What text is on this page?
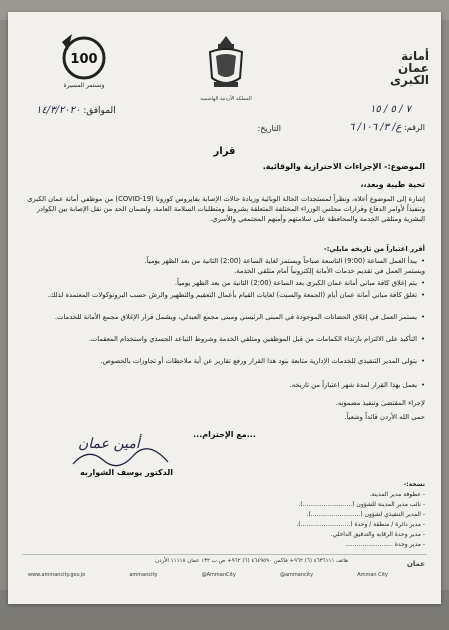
100
وتستمر المسيرة
المملكة الأردنية الهاشمية
أمانة
عمان
الكبرى
٧ / ٥ / ١٥
الرقم: ع/ ٣/ ١٠٦/ ٦
التاريخ:
الموافق: ١٤/٣/٢٠٢٠
قرار
الموضوع:- الإجراءات الاحترازية والوقائية.
تحية طيبة وبعد،،
إشارة إلى الموضوع أعلاه، ونظراً لمستجدات الحالة الوبائية وزيادة حالات الإصابة بفايروس كورونا (COVID-19) من موظفي أمانة عمان الكبرى وتنفيذاً لأوامر الدفاع وقرارات مجلس الوزراء المختلفة المتعلقة بشروط ومتطلبات السلامة العامة، ولضمان الحد من نقل الإصابة بين الكوادر البشرية ومتلقي الخدمة والمحافظة على سلامتهم وأمنهم المجتمعي والأسري.
أقرر اعتباراً من تاريخه مايلي:-
• يبدأ العمل الساعة (9:00) التاسعة صباحاً ويستمر لغاية الساعة (2:00) الثانية من بعد الظهر يومياً.
ويستمر العمل في تقديم خدمات الأمانة إلكترونياً أمام متلقي الخدمة.
• يتم إغلاق كافة مباني أمانة عمان الكبرى بعد الساعة (2:00) الثانية من بعد الظهر يومياً.
• تغلق كافة مباني أمانة عمان أيام (الجمعة والسبت) لغايات القيام بأعمال التعقيم والتطهير والرش حسب البروتوكولات المعتمدة لذلك.
• يستمر العمل في إغلاق الحضانات الموجودة في المبنى الرئيسي ومبنى مجمع العبدلي، ويشمل قرار الإغلاق مجمع الأمانة للخدمات.
• التأكيد على الالتزام بارتداء الكمامات من قبل الموظفين ومتلقي الخدمة وشروط التباعد الجسدي واستخدام المعقمات.
• يتولى المدير التنفيذي للخدمات الإدارية متابعة بنود هذا القرار ورفع تقارير عن أية ملاحظات أو تجاوزات بالخصوص.
• يعمل بهذا القرار لمدة شهر اعتباراً من تاريخه.
لإجراء المقتضى وتنفيذ مضمونه.
حمى الله الأردن قائداً وشعباً.
...مع الإحترام...
أمين عمان
الدكتور يوسف الشواربه
نسخة:-
- عطوفة مدير المدينة.
- نائب مدير المدينة للشؤون (..........................).
- المدير التنفيذي لشؤون (..........................).
- مدير دائرة / منطقة / وحدة (..........................).
- مدير وحدة الرقابة والتدقيق الداخلي.
- مدير وحدة .........................
هاتف ٤٦٣٦١١١ (٦) ٩٦٢+ فاكس ٤٦٤٩٥٩٠ (٦) ٩٦٢+ ص.ب ١٣٢ عمان ١١١١٨ الأردن
www.ammancity.gov.jo	ammancity	@AmmanCity	@ammancity	Amman City
عمان
